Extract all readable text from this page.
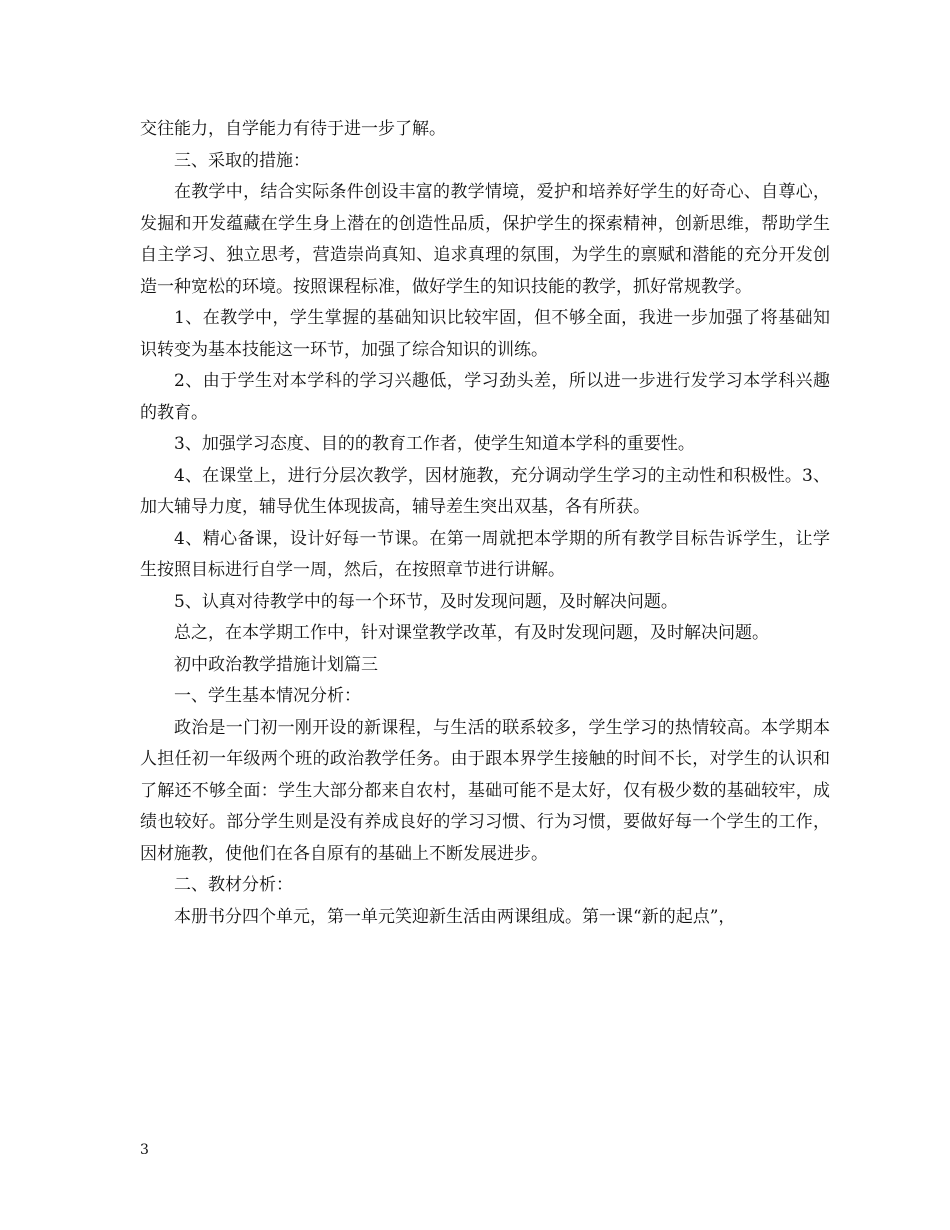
交往能力，自学能力有待于进一步了解。

三、采取的措施：

在教学中，结合实际条件创设丰富的教学情境，爱护和培养好学生的好奇心、自尊心，发掘和开发蕴藏在学生身上潜在的创造性品质，保护学生的探索精神，创新思维，帮助学生自主学习、独立思考，营造崇尚真知、追求真理的氛围，为学生的禀赋和潜能的充分开发创造一种宽松的环境。按照课程标准，做好学生的知识技能的教学，抓好常规教学。

1、在教学中，学生掌握的基础知识比较牢固，但不够全面，我进一步加强了将基础知识转变为基本技能这一环节，加强了综合知识的训练。

2、由于学生对本学科的学习兴趣低，学习劲头差，所以进一步进行发学习本学科兴趣的教育。

3、加强学习态度、目的的教育工作者，使学生知道本学科的重要性。

4、在课堂上，进行分层次教学，因材施教，充分调动学生学习的主动性和积极性。3、加大辅导力度，辅导优生体现拔高，辅导差生突出双基，各有所获。

4、精心备课，设计好每一节课。在第一周就把本学期的所有教学目标告诉学生，让学生按照目标进行自学一周，然后，在按照章节进行讲解。

5、认真对待教学中的每一个环节，及时发现问题，及时解决问题。

总之，在本学期工作中，针对课堂教学改革，有及时发现问题，及时解决问题。

初中政治教学措施计划篇三

一、学生基本情况分析：

政治是一门初一刚开设的新课程，与生活的联系较多，学生学习的热情较高。本学期本人担任初一年级两个班的政治教学任务。由于跟本界学生接触的时间不长，对学生的认识和了解还不够全面：学生大部分都来自农村，基础可能不是太好，仅有极少数的基础较牢，成绩也较好。部分学生则是没有养成良好的学习习惯、行为习惯，要做好每一个学生的工作，因材施教，使他们在各自原有的基础上不断发展进步。

二、教材分析：

本册书分四个单元，第一单元笑迎新生活由两课组成。第一课“新的起点”，

3
